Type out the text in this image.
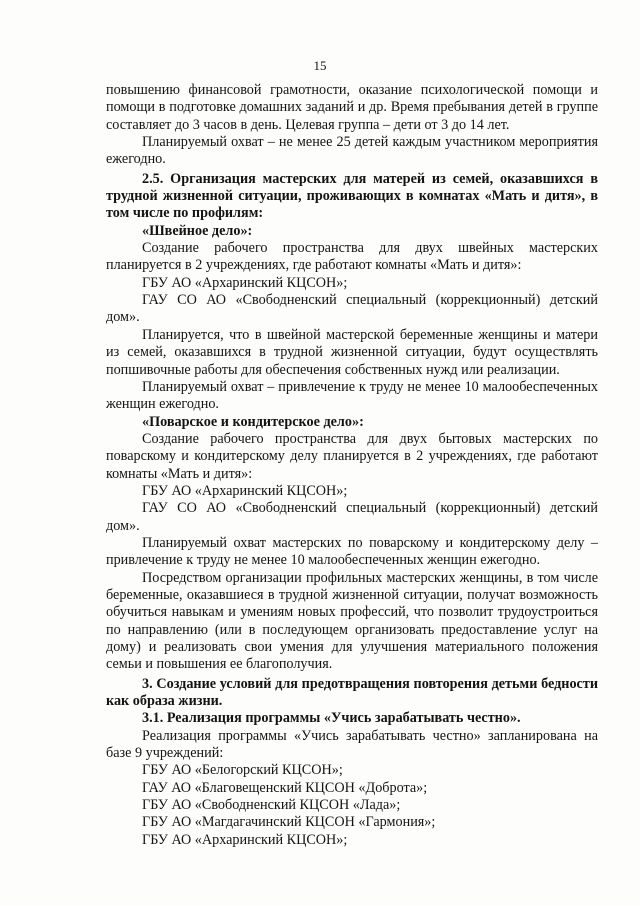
15

повышению финансовой грамотности, оказание психологической помощи и помощи в подготовке домашних заданий и др. Время пребывания детей в группе составляет до 3 часов в день. Целевая группа – дети от 3 до 14 лет.

Планируемый охват – не менее 25 детей каждым участником мероприятия ежегодно.

2.5. Организация мастерских для матерей из семей, оказавшихся в трудной жизненной ситуации, проживающих в комнатах «Мать и дитя», в том числе по профилям:

«Швейное дело»:

Создание рабочего пространства для двух швейных мастерских планируется в 2 учреждениях, где работают комнаты «Мать и дитя»:

ГБУ АО «Архаринский КЦСОН»;

ГАУ СО АО «Свободненский специальный (коррекционный) детский дом».

Планируется, что в швейной мастерской беременные женщины и матери из семей, оказавшихся в трудной жизненной ситуации, будут осуществлять попшивочные работы для обеспечения собственных нужд или реализации.

Планируемый охват – привлечение к труду не менее 10 малообеспеченных женщин ежегодно.

«Поварское и кондитерское дело»:

Создание рабочего пространства для двух бытовых мастерских по поварскому и кондитерскому делу планируется в 2 учреждениях, где работают комнаты «Мать и дитя»:

ГБУ АО «Архаринский КЦСОН»;

ГАУ СО АО «Свободненский специальный (коррекционный) детский дом».

Планируемый охват мастерских по поварскому и кондитерскому делу – привлечение к труду не менее 10 малообеспеченных женщин ежегодно.

Посредством организации профильных мастерских женщины, в том числе беременные, оказавшиеся в трудной жизненной ситуации, получат возможность обучиться навыкам и умениям новых профессий, что позволит трудоустроиться по направлению (или в последующем организовать предоставление услуг на дому) и реализовать свои умения для улучшения материального положения семьи и повышения ее благополучия.

3. Создание условий для предотвращения повторения детьми бедности как образа жизни.

3.1. Реализация программы «Учись зарабатывать честно».

Реализация программы «Учись зарабатывать честно» запланирована на базе 9 учреждений:

ГБУ АО «Белогорский КЦСОН»;

ГАУ АО «Благовещенский КЦСОН «Доброта»;

ГБУ АО «Свободненский КЦСОН «Лада»;

ГБУ АО «Магдагачинский КЦСОН «Гармония»;

ГБУ АО «Архаринский КЦСОН»;
